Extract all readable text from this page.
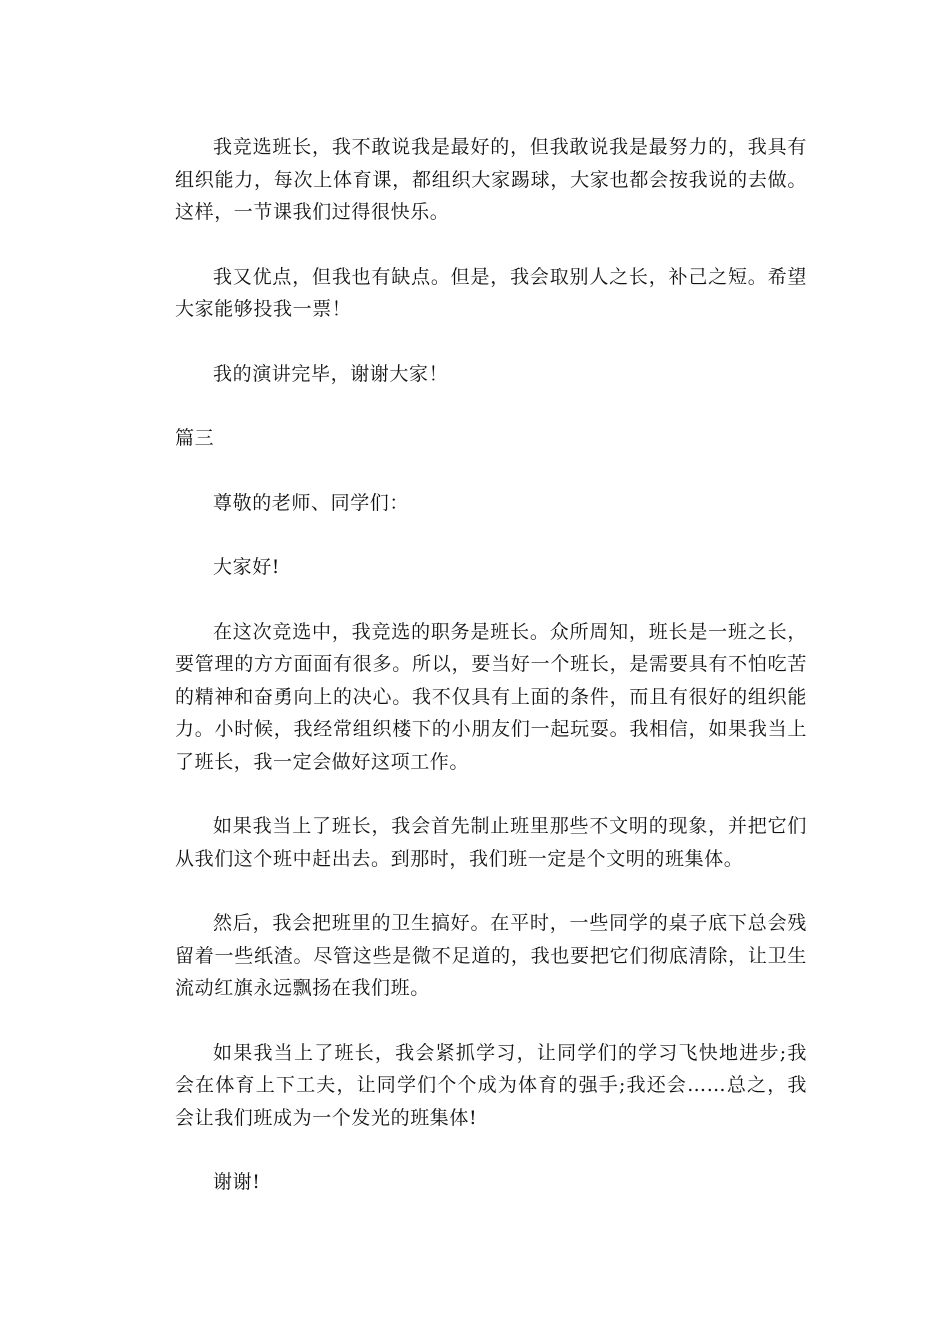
我竞选班长，我不敢说我是最好的，但我敢说我是最努力的，我具有组织能力，每次上体育课，都组织大家踢球，大家也都会按我说的去做。这样，一节课我们过得很快乐。

我又优点，但我也有缺点。但是，我会取别人之长，补己之短。希望大家能够投我一票！

我的演讲完毕，谢谢大家！

篇三

尊敬的老师、同学们：

大家好!

在这次竞选中，我竞选的职务是班长。众所周知，班长是一班之长，要管理的方方面面有很多。所以，要当好一个班长，是需要具有不怕吃苦的精神和奋勇向上的决心。我不仅具有上面的条件，而且有很好的组织能力。小时候，我经常组织楼下的小朋友们一起玩耍。我相信，如果我当上了班长，我一定会做好这项工作。

如果我当上了班长，我会首先制止班里那些不文明的现象，并把它们从我们这个班中赶出去。到那时，我们班一定是个文明的班集体。

然后，我会把班里的卫生搞好。在平时，一些同学的桌子底下总会残留着一些纸渣。尽管这些是微不足道的，我也要把它们彻底清除，让卫生流动红旗永远飘扬在我们班。

如果我当上了班长，我会紧抓学习，让同学们的学习飞快地进步;我会在体育上下工夫，让同学们个个成为体育的强手;我还会……总之，我会让我们班成为一个发光的班集体!

谢谢!
